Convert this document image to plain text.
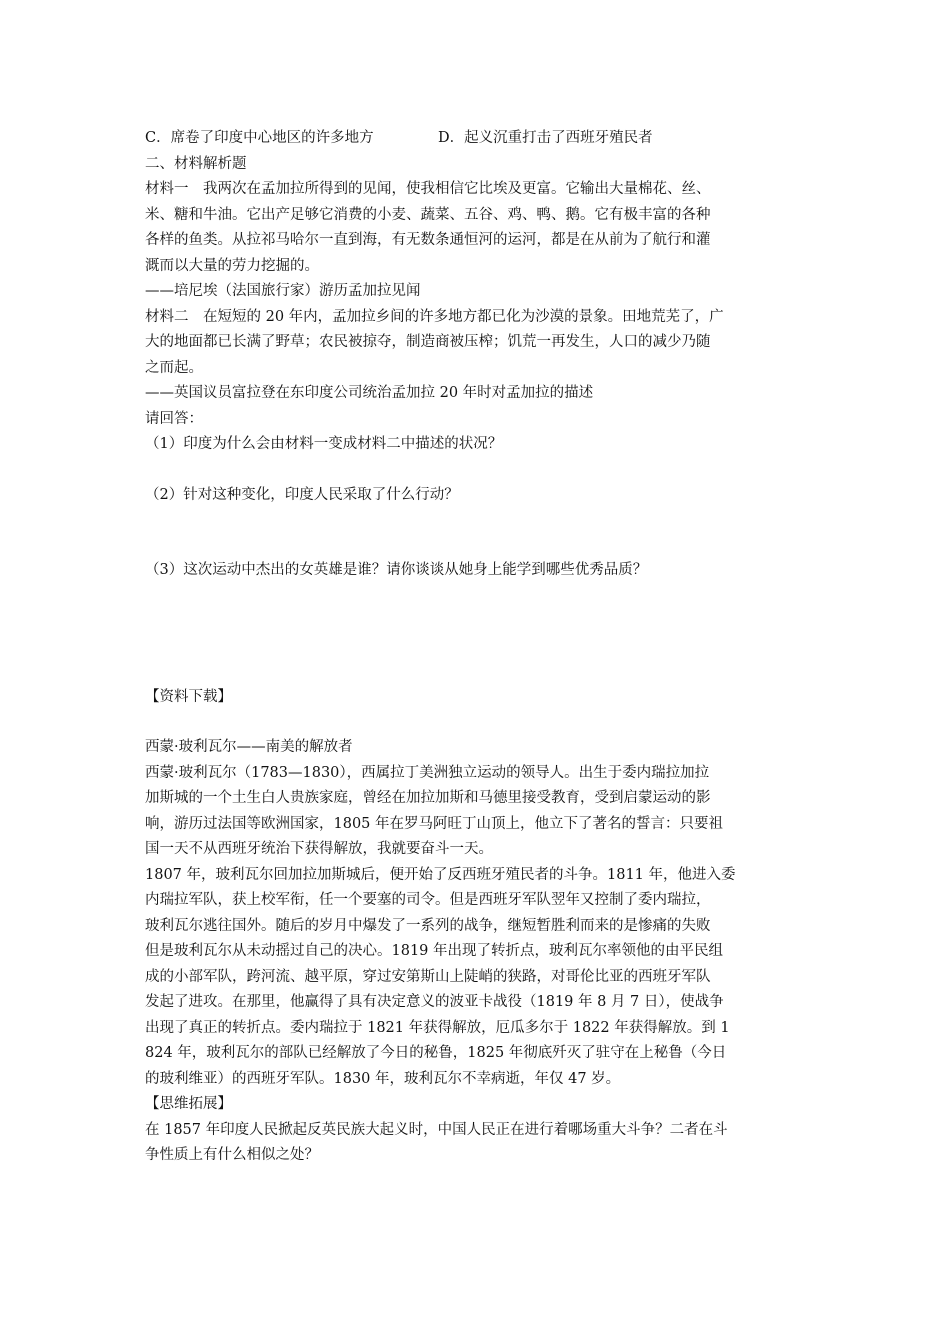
C．席卷了印度中心地区的许多地方	D．起义沉重打击了西班牙殖民者
二、材料解析题
材料一　我两次在孟加拉所得到的见闻，使我相信它比埃及更富。它输出大量棉花、丝、
米、糖和牛油。它出产足够它消费的小麦、蔬菜、五谷、鸡、鸭、鹅。它有极丰富的各种
各样的鱼类。从拉祁马哈尔一直到海，有无数条通恒河的运河，都是在从前为了航行和灌
溉而以大量的劳力挖掘的。
——培尼埃（法国旅行家）游历孟加拉见闻
材料二　在短短的 20 年内，孟加拉乡间的许多地方都已化为沙漠的景象。田地荒芜了，广
大的地面都已长满了野草；农民被掠夺，制造商被压榨；饥荒一再发生，人口的减少乃随
之而起。
——英国议员富拉登在东印度公司统治孟加拉 20 年时对孟加拉的描述
请回答：
（1）印度为什么会由材料一变成材料二中描述的状况？
（2）针对这种变化，印度人民采取了什么行动？
（3）这次运动中杰出的女英雄是谁？请你谈谈从她身上能学到哪些优秀品质？
【资料下载】
西蒙·玻利瓦尔——南美的解放者
西蒙·玻利瓦尔（1783—1830），西属拉丁美洲独立运动的领导人。出生于委内瑞拉加拉
加斯城的一个土生白人贵族家庭，曾经在加拉加斯和马德里接受教育，受到启蒙运动的影
响，游历过法国等欧洲国家，1805 年在罗马阿旺丁山顶上，他立下了著名的誓言：只要祖
国一天不从西班牙统治下获得解放，我就要奋斗一天。
1807 年，玻利瓦尔回加拉加斯城后，便开始了反西班牙殖民者的斗争。1811 年，他进入委
内瑞拉军队，获上校军衔，任一个要塞的司令。但是西班牙军队翌年又控制了委内瑞拉，
玻利瓦尔逃往国外。随后的岁月中爆发了一系列的战争，继短暂胜利而来的是惨痛的失败
但是玻利瓦尔从未动摇过自己的决心。1819 年出现了转折点，玻利瓦尔率领他的由平民组
成的小部军队，跨河流、越平原，穿过安第斯山上陡峭的狭路，对哥伦比亚的西班牙军队
发起了进攻。在那里，他赢得了具有决定意义的波亚卡战役（1819 年 8 月 7 日），使战争
出现了真正的转折点。委内瑞拉于 1821 年获得解放，厄瓜多尔于 1822 年获得解放。到 1
824 年，玻利瓦尔的部队已经解放了今日的秘鲁，1825 年彻底歼灭了驻守在上秘鲁（今日
的玻利维亚）的西班牙军队。1830 年，玻利瓦尔不幸病逝，年仅 47 岁。
【思维拓展】
在 1857 年印度人民掀起反英民族大起义时，中国人民正在进行着哪场重大斗争？二者在斗
争性质上有什么相似之处？
